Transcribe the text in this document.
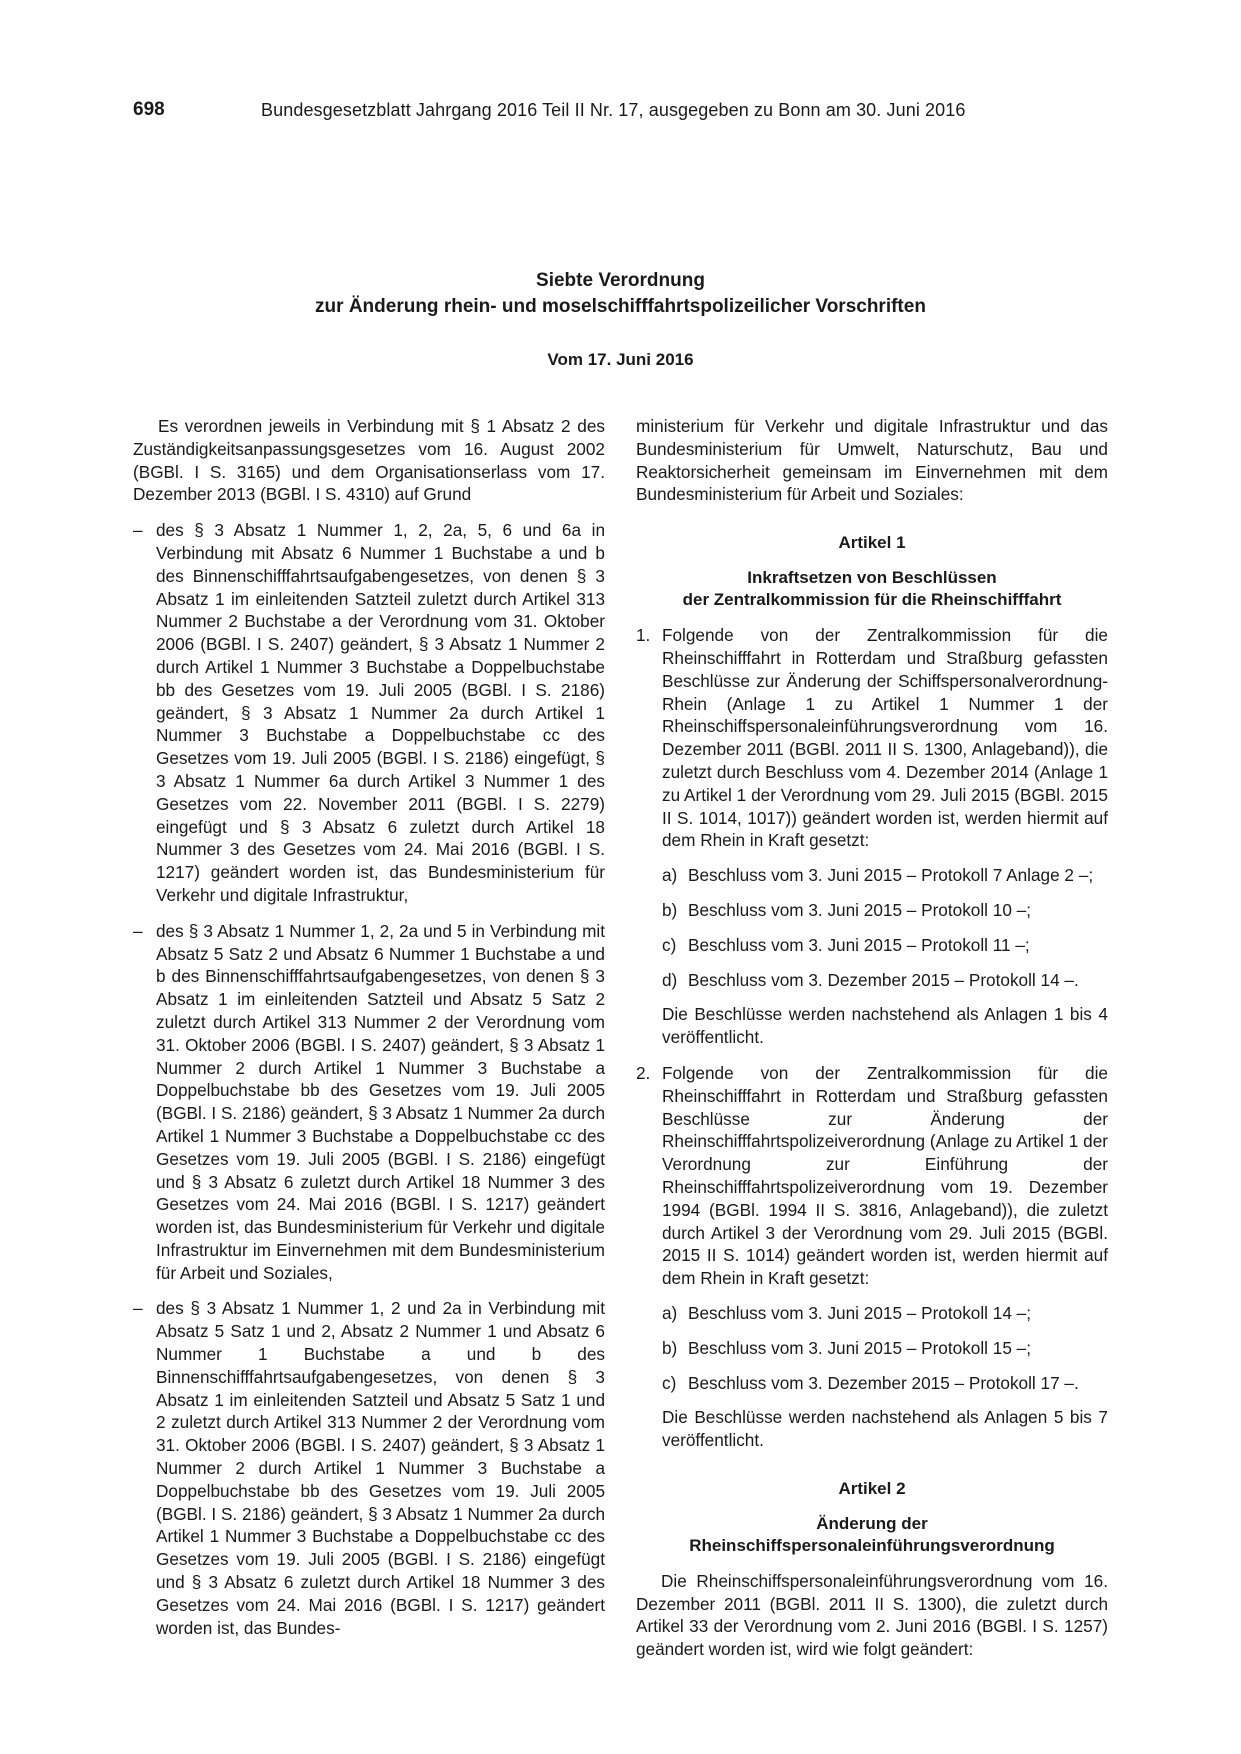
698	Bundesgesetzblatt Jahrgang 2016 Teil II Nr. 17, ausgegeben zu Bonn am 30. Juni 2016
Siebte Verordnung
zur Änderung rhein- und moselschifffahrtspolizeilicher Vorschriften
Vom 17. Juni 2016

Es verordnen jeweils in Verbindung mit § 1 Absatz 2 des Zuständigkeitsanpassungsgesetzes vom 16. August 2002 (BGBl. I S. 3165) und dem Organisationserlass vom 17. Dezember 2013 (BGBl. I S. 4310) auf Grund

– des § 3 Absatz 1 Nummer 1, 2, 2a, 5, 6 und 6a in Verbindung mit Absatz 6 Nummer 1 Buchstabe a und b des Binnenschifffahrtsaufgabengesetzes, von denen § 3 Absatz 1 im einleitenden Satzteil zuletzt durch Artikel 313 Nummer 2 Buchstabe a der Verordnung vom 31. Oktober 2006 (BGBl. I S. 2407) geändert, § 3 Absatz 1 Nummer 2 durch Artikel 1 Nummer 3 Buchstabe a Doppelbuchstabe bb des Gesetzes vom 19. Juli 2005 (BGBl. I S. 2186) geändert, § 3 Absatz 1 Nummer 2a durch Artikel 1 Nummer 3 Buchstabe a Doppelbuchstabe cc des Gesetzes vom 19. Juli 2005 (BGBl. I S. 2186) eingefügt, § 3 Absatz 1 Nummer 6a durch Artikel 3 Nummer 1 des Gesetzes vom 22. November 2011 (BGBl. I S. 2279) eingefügt und § 3 Absatz 6 zuletzt durch Artikel 18 Nummer 3 des Gesetzes vom 24. Mai 2016 (BGBl. I S. 1217) geändert worden ist, das Bundesministerium für Verkehr und digitale Infrastruktur,

– des § 3 Absatz 1 Nummer 1, 2, 2a und 5 in Verbindung mit Absatz 5 Satz 2 und Absatz 6 Nummer 1 Buchstabe a und b des Binnenschifffahrtsaufgabengesetzes, von denen § 3 Absatz 1 im einleitenden Satzteil und Absatz 5 Satz 2 zuletzt durch Artikel 313 Nummer 2 der Verordnung vom 31. Oktober 2006 (BGBl. I S. 2407) geändert, § 3 Absatz 1 Nummer 2 durch Artikel 1 Nummer 3 Buchstabe a Doppelbuchstabe bb des Gesetzes vom 19. Juli 2005 (BGBl. I S. 2186) geändert, § 3 Absatz 1 Nummer 2a durch Artikel 1 Nummer 3 Buchstabe a Doppelbuchstabe cc des Gesetzes vom 19. Juli 2005 (BGBl. I S. 2186) eingefügt und § 3 Absatz 6 zuletzt durch Artikel 18 Nummer 3 des Gesetzes vom 24. Mai 2016 (BGBl. I S. 1217) geändert worden ist, das Bundesministerium für Verkehr und digitale Infrastruktur im Einvernehmen mit dem Bundesministerium für Arbeit und Soziales,

– des § 3 Absatz 1 Nummer 1, 2 und 2a in Verbindung mit Absatz 5 Satz 1 und 2, Absatz 2 Nummer 1 und Absatz 6 Nummer 1 Buchstabe a und b des Binnenschifffahrtsaufgabengesetzes, von denen § 3 Absatz 1 im einleitenden Satzteil und Absatz 5 Satz 1 und 2 zuletzt durch Artikel 313 Nummer 2 der Verordnung vom 31. Oktober 2006 (BGBl. I S. 2407) geändert, § 3 Absatz 1 Nummer 2 durch Artikel 1 Nummer 3 Buchstabe a Doppelbuchstabe bb des Gesetzes vom 19. Juli 2005 (BGBl. I S. 2186) geändert, § 3 Absatz 1 Nummer 2a durch Artikel 1 Nummer 3 Buchstabe a Doppelbuchstabe cc des Gesetzes vom 19. Juli 2005 (BGBl. I S. 2186) eingefügt und § 3 Absatz 6 zuletzt durch Artikel 18 Nummer 3 des Gesetzes vom 24. Mai 2016 (BGBl. I S. 1217) geändert worden ist, das Bundes-

ministerium für Verkehr und digitale Infrastruktur und das Bundesministerium für Umwelt, Naturschutz, Bau und Reaktorsicherheit gemeinsam im Einvernehmen mit dem Bundesministerium für Arbeit und Soziales:

Artikel 1
Inkraftsetzen von Beschlüssen
der Zentralkommission für die Rheinschifffahrt
1. Folgende von der Zentralkommission für die Rheinschifffahrt in Rotterdam und Straßburg gefassten Beschlüsse zur Änderung der Schiffspersonalverordnung-Rhein (Anlage 1 zu Artikel 1 Nummer 1 der Rheinschiffspersonaleinführungsverordnung vom 16. Dezember 2011 (BGBl. 2011 II S. 1300, Anlageband)), die zuletzt durch Beschluss vom 4. Dezember 2014 (Anlage 1 zu Artikel 1 der Verordnung vom 29. Juli 2015 (BGBl. 2015 II S. 1014, 1017)) geändert worden ist, werden hiermit auf dem Rhein in Kraft gesetzt:

a) Beschluss vom 3. Juni 2015 – Protokoll 7 Anlage 2 –;

b) Beschluss vom 3. Juni 2015 – Protokoll 10 –;

c) Beschluss vom 3. Juni 2015 – Protokoll 11 –;

d) Beschluss vom 3. Dezember 2015 – Protokoll 14 –.

Die Beschlüsse werden nachstehend als Anlagen 1 bis 4 veröffentlicht.

2. Folgende von der Zentralkommission für die Rheinschifffahrt in Rotterdam und Straßburg gefassten Beschlüsse zur Änderung der Rheinschifffahrtspolizeiverordnung (Anlage zu Artikel 1 der Verordnung zur Einführung der Rheinschifffahrtspolizeiverordnung vom 19. Dezember 1994 (BGBl. 1994 II S. 3816, Anlageband)), die zuletzt durch Artikel 3 der Verordnung vom 29. Juli 2015 (BGBl. 2015 II S. 1014) geändert worden ist, werden hiermit auf dem Rhein in Kraft gesetzt:

a) Beschluss vom 3. Juni 2015 – Protokoll 14 –;

b) Beschluss vom 3. Juni 2015 – Protokoll 15 –;

c) Beschluss vom 3. Dezember 2015 – Protokoll 17 –.

Die Beschlüsse werden nachstehend als Anlagen 5 bis 7 veröffentlicht.

Artikel 2
Änderung der
Rheinschiffspersonaleinführungsverordnung

Die Rheinschiffspersonaleinführungsverordnung vom 16. Dezember 2011 (BGBl. 2011 II S. 1300), die zuletzt durch Artikel 33 der Verordnung vom 2. Juni 2016 (BGBl. I S. 1257) geändert worden ist, wird wie folgt geändert:
